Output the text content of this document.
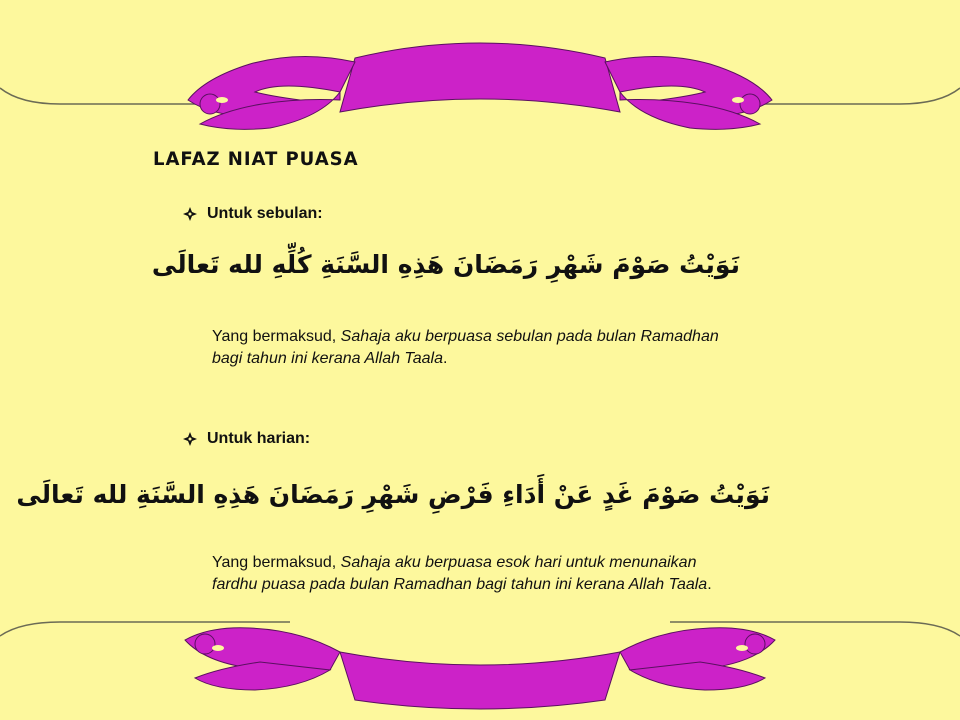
LAFAZ NIAT PUASA
Untuk sebulan:
نَوَيْتُ صَوْمَ شَهْرِ رَمَضَانَ هَذِهِ السَّنَةِ كُلِّهِ لله تَعالَى
Yang bermaksud, Sahaja aku berpuasa sebulan pada bulan Ramadhan
bagi tahun ini kerana Allah Taala.
Untuk harian:
نَوَيْتُ صَوْمَ غَدٍ عَنْ أَدَاءِ فَرْضِ شَهْرِ رَمَضَانَ هَذِهِ السَّنَةِ لله تَعالَى
Yang bermaksud, Sahaja aku berpuasa esok hari untuk menunaikan
fardhu puasa pada bulan Ramadhan bagi tahun ini kerana Allah Taala.
